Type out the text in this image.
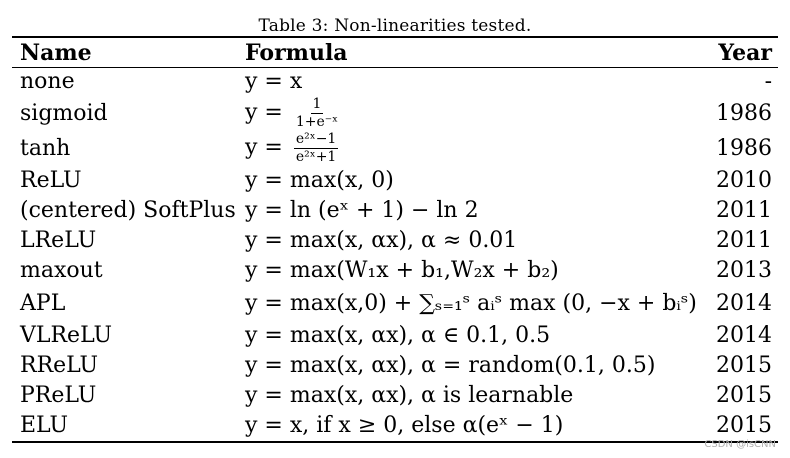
Table 3: Non-linearities tested.
Name	Formula	Year
none	y = x	-
sigmoid	$y = \frac{1}{\text{1+e⁻ˣ}}$	1986
tanh	$y = \frac{\text{e²ˣ−1}}{\text{e²ˣ+1}}$	1986
ReLU	y = max(x, 0)	2010
(centered) SoftPlus y = ln (eˣ + 1) − ln 2	2011
LReLU	y = max(x, αx), α ≈ 0.01	2011
maxout	y = max(W₁x + b₁,W₂x + b₂)	2013
APL	y = max(x,0) + ∑ₛ₌₁ˢ aᵢˢ max (0, −x + bᵢˢ) 2014
VLReLU	y = max(x, αx), α ∈ 0.1, 0.5	2014
RReLU	y = max(x, αx), α = random(0.1, 0.5)	2015
PReLU	y = max(x, αx), α is learnable	2015
ELU	y = x, if x ≥ 0, else α(eˣ − 1)	2015
CSDN @isCNN
